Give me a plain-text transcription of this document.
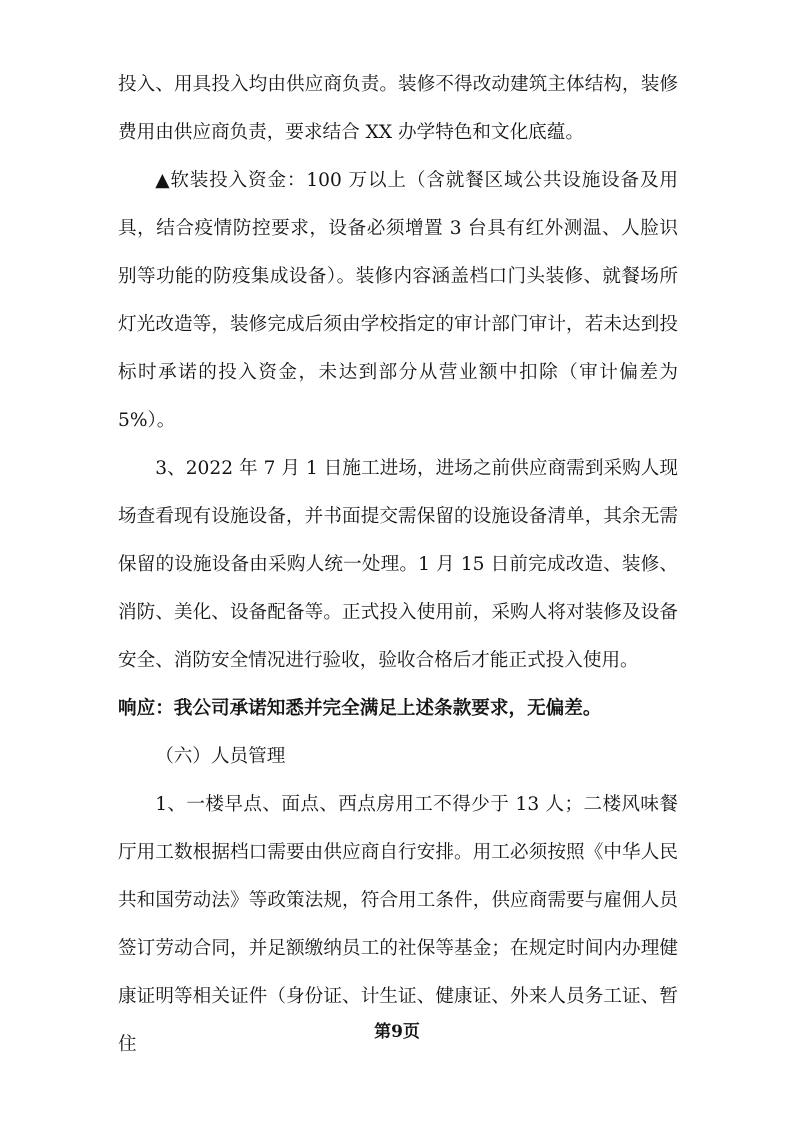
投入、用具投入均由供应商负责。装修不得改动建筑主体结构，装修费用由供应商负责，要求结合 XX 办学特色和文化底蕴。

▲软装投入资金：100 万以上（含就餐区域公共设施设备及用具，结合疫情防控要求，设备必须增置 3 台具有红外测温、人脸识别等功能的防疫集成设备）。装修内容涵盖档口门头装修、就餐场所灯光改造等，装修完成后须由学校指定的审计部门审计，若未达到投标时承诺的投入资金，未达到部分从营业额中扣除（审计偏差为 5%）。

3、2022 年 7 月 1 日施工进场，进场之前供应商需到采购人现场查看现有设施设备，并书面提交需保留的设施设备清单，其余无需保留的设施设备由采购人统一处理。1 月 15 日前完成改造、装修、消防、美化、设备配备等。正式投入使用前，采购人将对装修及设备安全、消防安全情况进行验收，验收合格后才能正式投入使用。

响应：我公司承诺知悉并完全满足上述条款要求，无偏差。

（六）人员管理

1、一楼早点、面点、西点房用工不得少于 13 人；二楼风味餐厅用工数根据档口需要由供应商自行安排。用工必须按照《中华人民共和国劳动法》等政策法规，符合用工条件，供应商需要与雇佣人员签订劳动合同，并足额缴纳员工的社保等基金；在规定时间内办理健康证明等相关证件（身份证、计生证、健康证、外来人员务工证、暂住

第9页
